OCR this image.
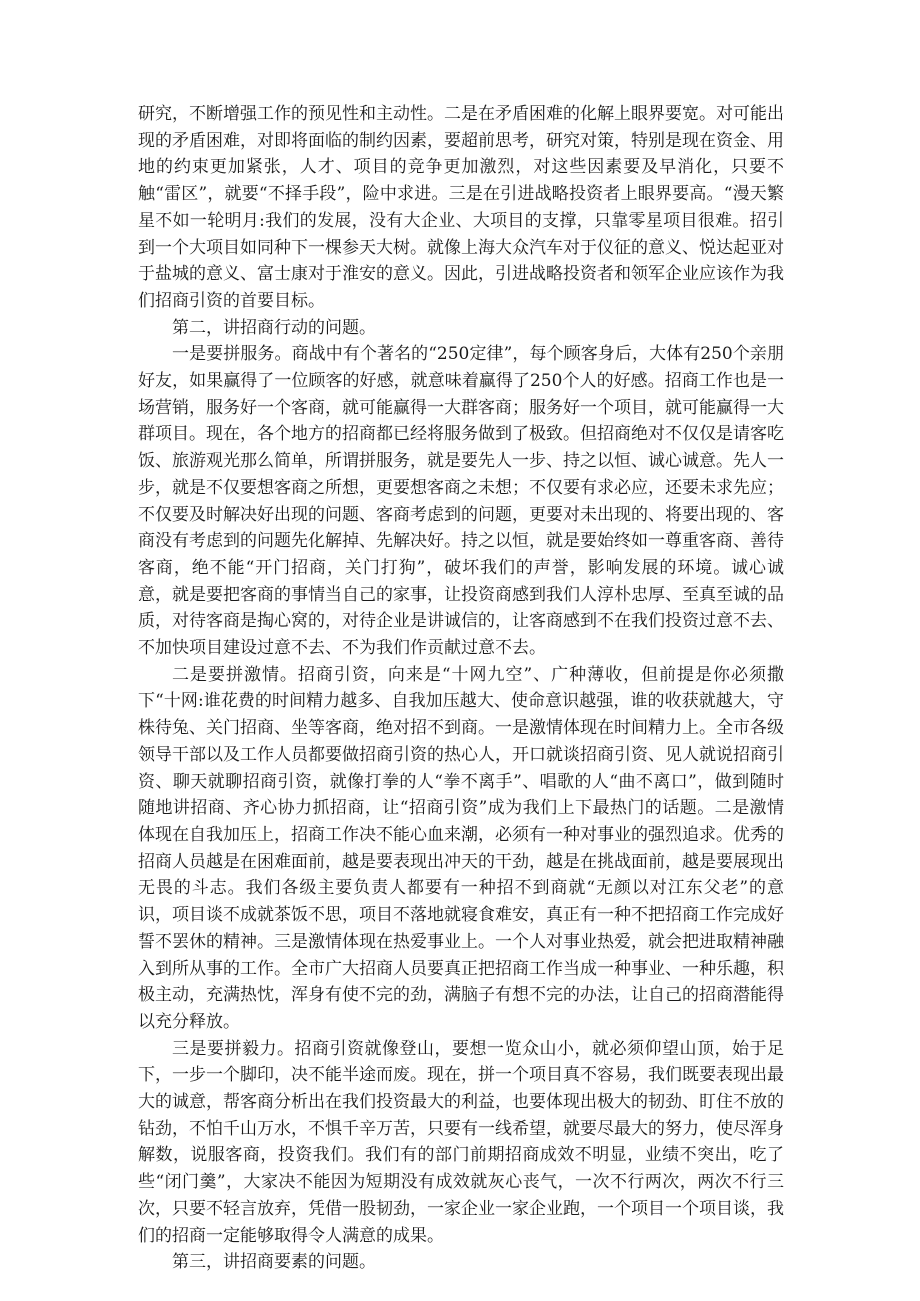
研究，不断增强工作的预见性和主动性。二是在矛盾困难的化解上眼界要宽。对可能出现的矛盾困难，对即将面临的制约因素，要超前思考，研究对策，特别是现在资金、用地的约束更加紧张，人才、项目的竞争更加激烈，对这些因素要及早消化，只要不触“雷区”，就要“不择手段”，险中求进。三是在引进战略投资者上眼界要高。“漫天繁星不如一轮明月:我们的发展，没有大企业、大项目的支撑，只靠零星项目很难。招引到一个大项目如同种下一棵参天大树。就像上海大众汽车对于仪征的意义、悦达起亚对于盐城的意义、富士康对于淮安的意义。因此，引进战略投资者和领军企业应该作为我们招商引资的首要目标。

第二，讲招商行动的问题。

一是要拼服务。商战中有个著名的“250定律”，每个顾客身后，大体有250个亲朋好友，如果赢得了一位顾客的好感，就意味着赢得了250个人的好感。招商工作也是一场营销，服务好一个客商，就可能赢得一大群客商；服务好一个项目，就可能赢得一大群项目。现在，各个地方的招商都已经将服务做到了极致。但招商绝对不仅仅是请客吃饭、旅游观光那么简单，所谓拼服务，就是要先人一步、持之以恒、诚心诚意。先人一步，就是不仅要想客商之所想，更要想客商之未想；不仅要有求必应，还要未求先应；不仅要及时解决好出现的问题、客商考虑到的问题，更要对未出现的、将要出现的、客商没有考虑到的问题先化解掉、先解决好。持之以恒，就是要始终如一尊重客商、善待客商，绝不能“开门招商，关门打狗”，破坏我们的声誉，影响发展的环境。诚心诚意，就是要把客商的事情当自己的家事，让投资商感到我们人淳朴忠厚、至真至诚的品质，对待客商是掏心窝的，对待企业是讲诚信的，让客商感到不在我们投资过意不去、不加快项目建设过意不去、不为我们作贡献过意不去。

二是要拼激情。招商引资，向来是“十网九空”、广种薄收，但前提是你必须撒下“十网:谁花费的时间精力越多、自我加压越大、使命意识越强，谁的收获就越大，守株待兔、关门招商、坐等客商，绝对招不到商。一是激情体现在时间精力上。全市各级领导干部以及工作人员都要做招商引资的热心人，开口就谈招商引资、见人就说招商引资、聊天就聊招商引资，就像打拳的人“拳不离手”、唱歌的人“曲不离口”，做到随时随地讲招商、齐心协力抓招商，让“招商引资”成为我们上下最热门的话题。二是激情体现在自我加压上，招商工作决不能心血来潮，必须有一种对事业的强烈追求。优秀的招商人员越是在困难面前，越是要表现出冲天的干劲，越是在挑战面前，越是要展现出无畏的斗志。我们各级主要负责人都要有一种招不到商就“无颜以对江东父老”的意识，项目谈不成就茶饭不思，项目不落地就寝食难安，真正有一种不把招商工作完成好誓不罢休的精神。三是激情体现在热爱事业上。一个人对事业热爱，就会把进取精神融入到所从事的工作。全市广大招商人员要真正把招商工作当成一种事业、一种乐趣，积极主动，充满热忱，浑身有使不完的劲，满脑子有想不完的办法，让自己的招商潜能得以充分释放。

三是要拼毅力。招商引资就像登山，要想一览众山小，就必须仰望山顶，始于足下，一步一个脚印，决不能半途而废。现在，拼一个项目真不容易，我们既要表现出最大的诚意，帮客商分析出在我们投资最大的利益，也要体现出极大的韧劲、盯住不放的钻劲，不怕千山万水，不惧千辛万苦，只要有一线希望，就要尽最大的努力，使尽浑身解数，说服客商，投资我们。我们有的部门前期招商成效不明显，业绩不突出，吃了些“闭门羹”，大家决不能因为短期没有成效就灰心丧气，一次不行两次，两次不行三次，只要不轻言放弃，凭借一股韧劲，一家企业一家企业跑，一个项目一个项目谈，我们的招商一定能够取得令人满意的成果。

第三，讲招商要素的问题。
